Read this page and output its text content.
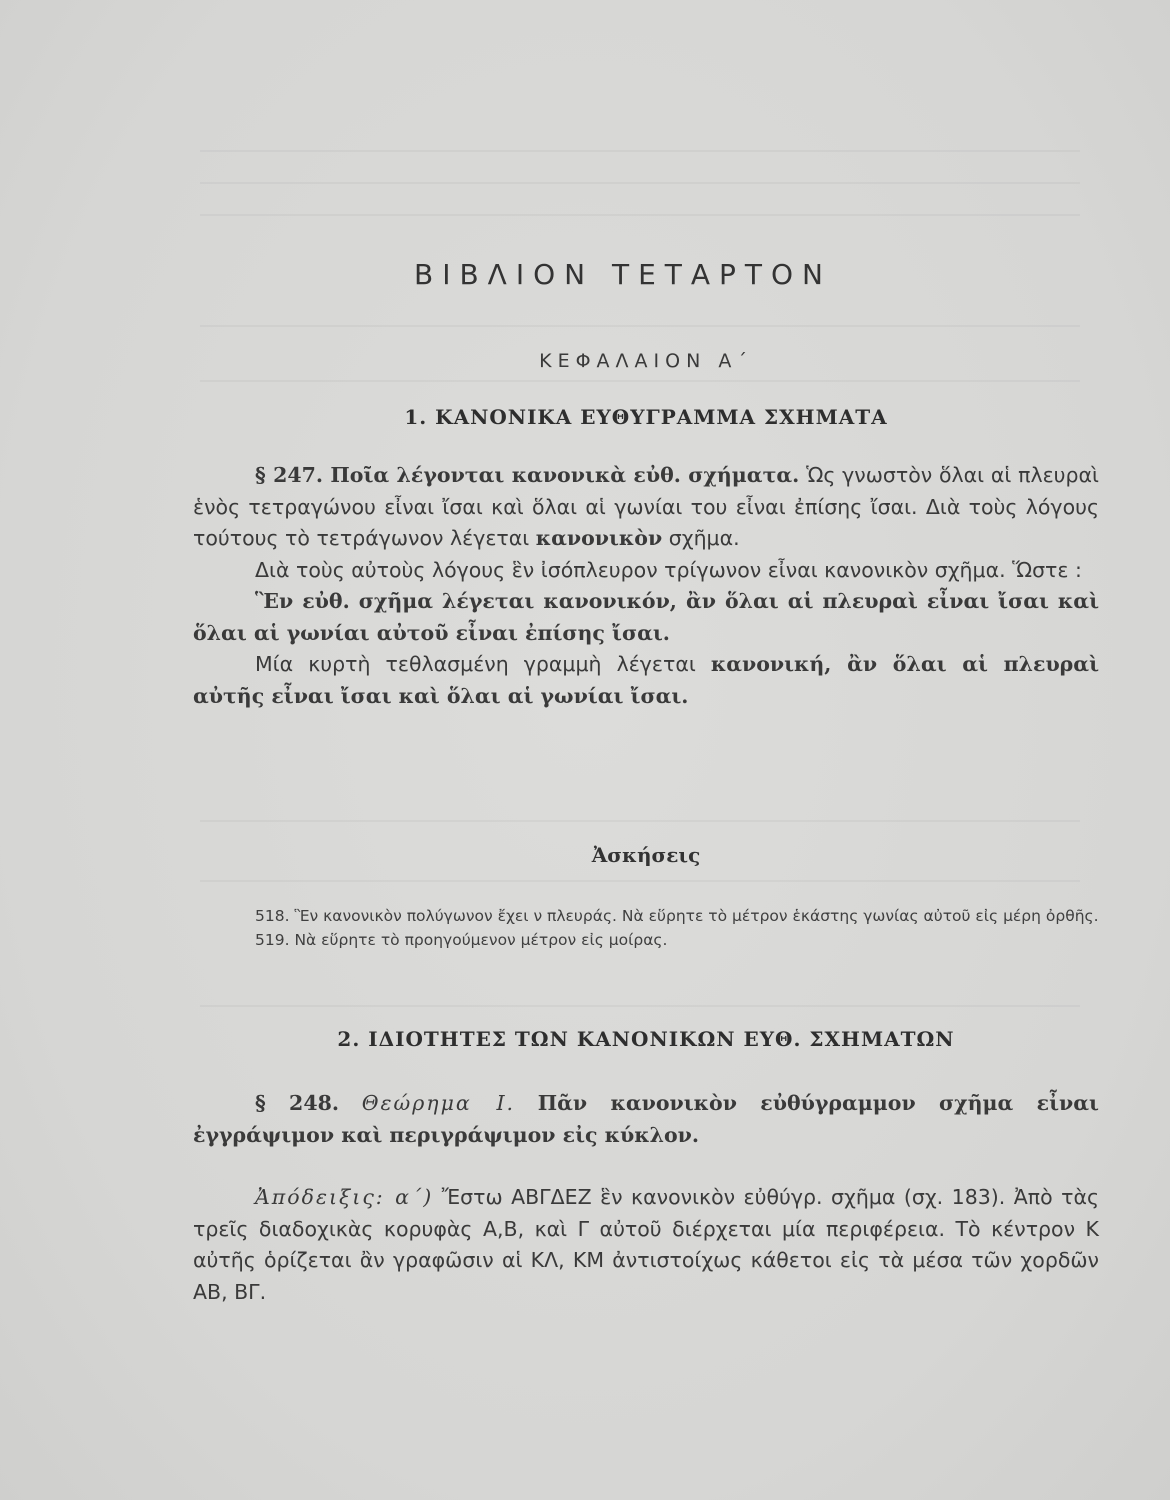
ΒΙΒΛΙΟΝ ΤΕΤΑΡΤΟΝ
ΚΕΦΑΛΑΙΟΝ Α΄
1. ΚΑΝΟΝΙΚΑ ΕΥΘΥΓΡΑΜΜΑ ΣΧΗΜΑΤΑ

§ 247. Ποῖα λέγονται κανονικὰ εὐθ. σχήματα. Ὡς γνωστὸν ὅλαι αἱ πλευραὶ ἑνὸς τετραγώνου εἶναι ἴσαι καὶ ὅλαι αἱ γωνίαι του εἶναι ἐπίσης ἴσαι. Διὰ τοὺς λόγους τούτους τὸ τετράγωνον λέγεται κανονικὸν σχῆμα.

Διὰ τοὺς αὐτοὺς λόγους ἓν ἰσόπλευρον τρίγωνον εἶναι κανονικὸν σχῆμα. Ὥστε :

Ἓν εὐθ. σχῆμα λέγεται κανονικόν, ἂν ὅλαι αἱ πλευραὶ εἶναι ἴσαι καὶ ὅλαι αἱ γωνίαι αὐτοῦ εἶναι ἐπίσης ἴσαι.

Μία κυρτὴ τεθλασμένη γραμμὴ λέγεται κανονική, ἂν ὅλαι αἱ πλευραὶ αὐτῆς εἶναι ἴσαι καὶ ὅλαι αἱ γωνίαι ἴσαι.

Ἀσκήσεις

518. Ἓν κανονικὸν πολύγωνον ἔχει ν πλευράς. Νὰ εὕρητε τὸ μέτρον ἑκάστης γωνίας αὐτοῦ εἰς μέρη ὀρθῆς.

519. Νὰ εὕρητε τὸ προηγούμενον μέτρον εἰς μοίρας.

2. ΙΔΙΟΤΗΤΕΣ ΤΩΝ ΚΑΝΟΝΙΚΩΝ ΕΥΘ. ΣΧΗΜΑΤΩΝ

§ 248. Θεώρημα Ι. Πᾶν κανονικὸν εὐθύγραμμον σχῆμα εἶναι ἐγγράψιμον καὶ περιγράψιμον εἰς κύκλον.

Ἀπόδειξις: α΄) Ἔστω ΑΒΓΔΕΖ ἓν κανονικὸν εὐθύγρ. σχῆμα (σχ. 183). Ἀπὸ τὰς τρεῖς διαδοχικὰς κορυφὰς Α,Β, καὶ Γ αὐτοῦ διέρχεται μία περιφέρεια. Τὸ κέντρον Κ αὐτῆς ὁρίζεται ἂν γραφῶσιν αἱ ΚΛ, ΚΜ ἀντιστοίχως κάθετοι εἰς τὰ μέσα τῶν χορδῶν ΑΒ, ΒΓ.
